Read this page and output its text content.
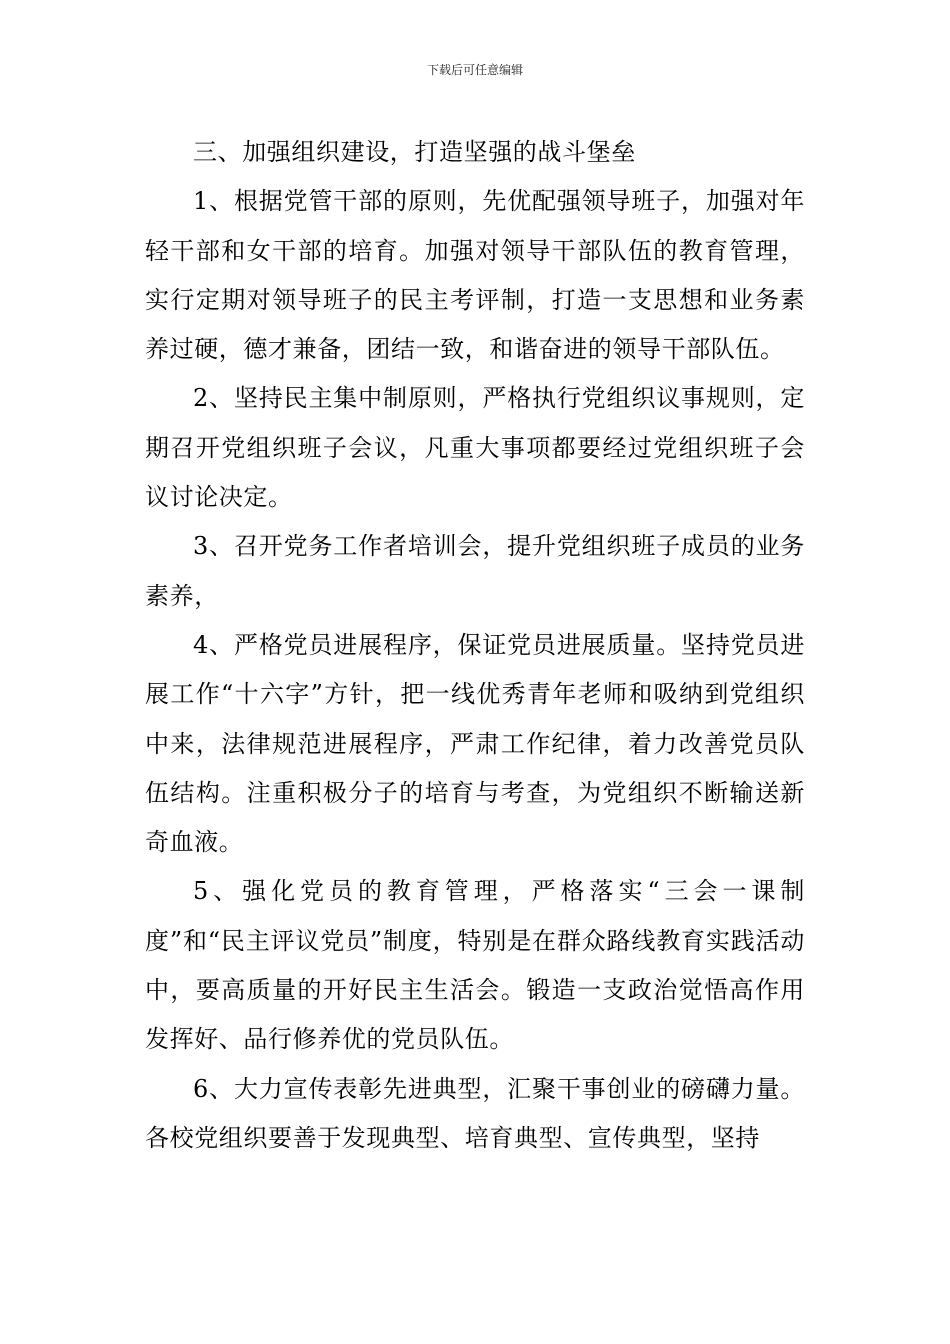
下载后可任意编辑

三、加强组织建设，打造坚强的战斗堡垒

1、根据党管干部的原则，先优配强领导班子，加强对年轻干部和女干部的培育。加强对领导干部队伍的教育管理，实行定期对领导班子的民主考评制，打造一支思想和业务素养过硬，德才兼备，团结一致，和谐奋进的领导干部队伍。

2、坚持民主集中制原则，严格执行党组织议事规则，定期召开党组织班子会议，凡重大事项都要经过党组织班子会议讨论决定。

3、召开党务工作者培训会，提升党组织班子成员的业务素养，

4、严格党员进展程序，保证党员进展质量。坚持党员进展工作“十六字”方针，把一线优秀青年老师和吸纳到党组织中来，法律规范进展程序，严肃工作纪律，着力改善党员队伍结构。注重积极分子的培育与考查，为党组织不断输送新奇血液。

5、强化党员的教育管理，严格落实“三会一课制度”和“民主评议党员”制度，特别是在群众路线教育实践活动中，要高质量的开好民主生活会。锻造一支政治觉悟高作用发挥好、品行修养优的党员队伍。

6、大力宣传表彰先进典型，汇聚干事创业的磅礴力量。各校党组织要善于发现典型、培育典型、宣传典型，坚持
